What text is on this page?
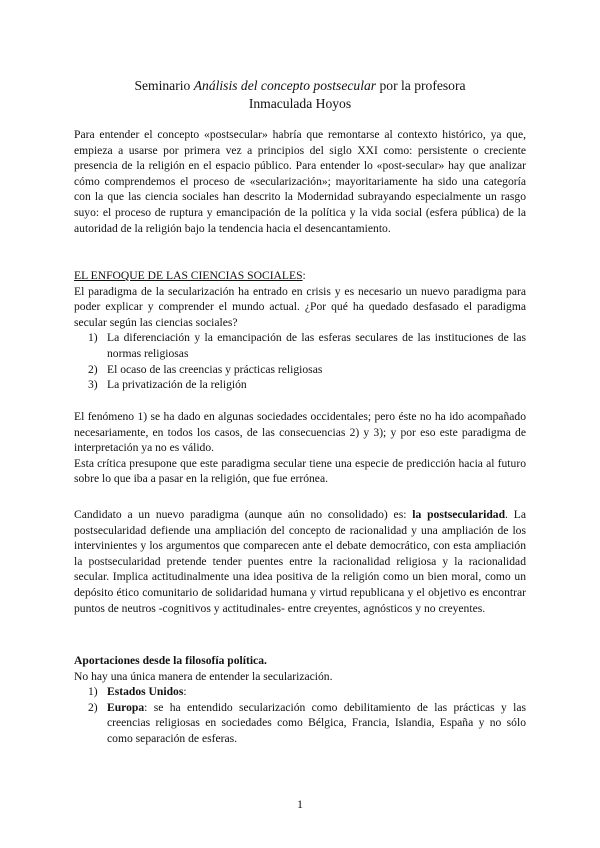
Seminario Análisis del concepto postsecular por la profesora
Inmaculada Hoyos

Para entender el concepto «postsecular» habría que remontarse al contexto histórico, ya que, empieza a usarse por primera vez a principios del siglo XXI como: persistente o creciente presencia de la religión en el espacio público. Para entender lo «post-secular» hay que analizar cómo comprendemos el proceso de «secularización»; mayoritariamente ha sido una categoría con la que las ciencia sociales han descrito la Modernidad subrayando especialmente un rasgo suyo: el proceso de ruptura y emancipación de la política y la vida social (esfera pública) de la autoridad de la religión bajo la tendencia hacia el desencantamiento.

EL ENFOQUE DE LAS CIENCIAS SOCIALES:

El paradigma de la secularización ha entrado en crisis y es necesario un nuevo paradigma para poder explicar y comprender el mundo actual. ¿Por qué ha quedado desfasado el paradigma secular según las ciencias sociales?

1) La diferenciación y la emancipación de las esferas seculares de las instituciones de las normas religiosas
2) El ocaso de las creencias y prácticas religiosas
3) La privatización de la religión

El fenómeno 1) se ha dado en algunas sociedades occidentales; pero éste no ha ido acompañado necesariamente, en todos los casos, de las consecuencias 2) y 3); y por eso este paradigma de interpretación ya no es válido.

Esta crítica presupone que este paradigma secular tiene una especie de predicción hacia al futuro sobre lo que iba a pasar en la religión, que fue errónea.

Candidato a un nuevo paradigma (aunque aún no consolidado) es: la postsecularidad. La postsecularidad defiende una ampliación del concepto de racionalidad y una ampliación de los intervinientes y los argumentos que comparecen ante el debate democrático, con esta ampliación la postsecularidad pretende tender puentes entre la racionalidad religiosa y la racionalidad secular. Implica actitudinalmente una idea positiva de la religión como un bien moral, como un depósito ético comunitario de solidaridad humana y virtud republicana y el objetivo es encontrar puntos de neutros -cognitivos y actitudinales- entre creyentes, agnósticos y no creyentes.

Aportaciones desde la filosofía política.

No hay una única manera de entender la secularización.

1) Estados Unidos:
2) Europa: se ha entendido secularización como debilitamiento de las prácticas y las creencias religiosas en sociedades como Bélgica, Francia, Islandia, España y no sólo como separación de esferas.
1
